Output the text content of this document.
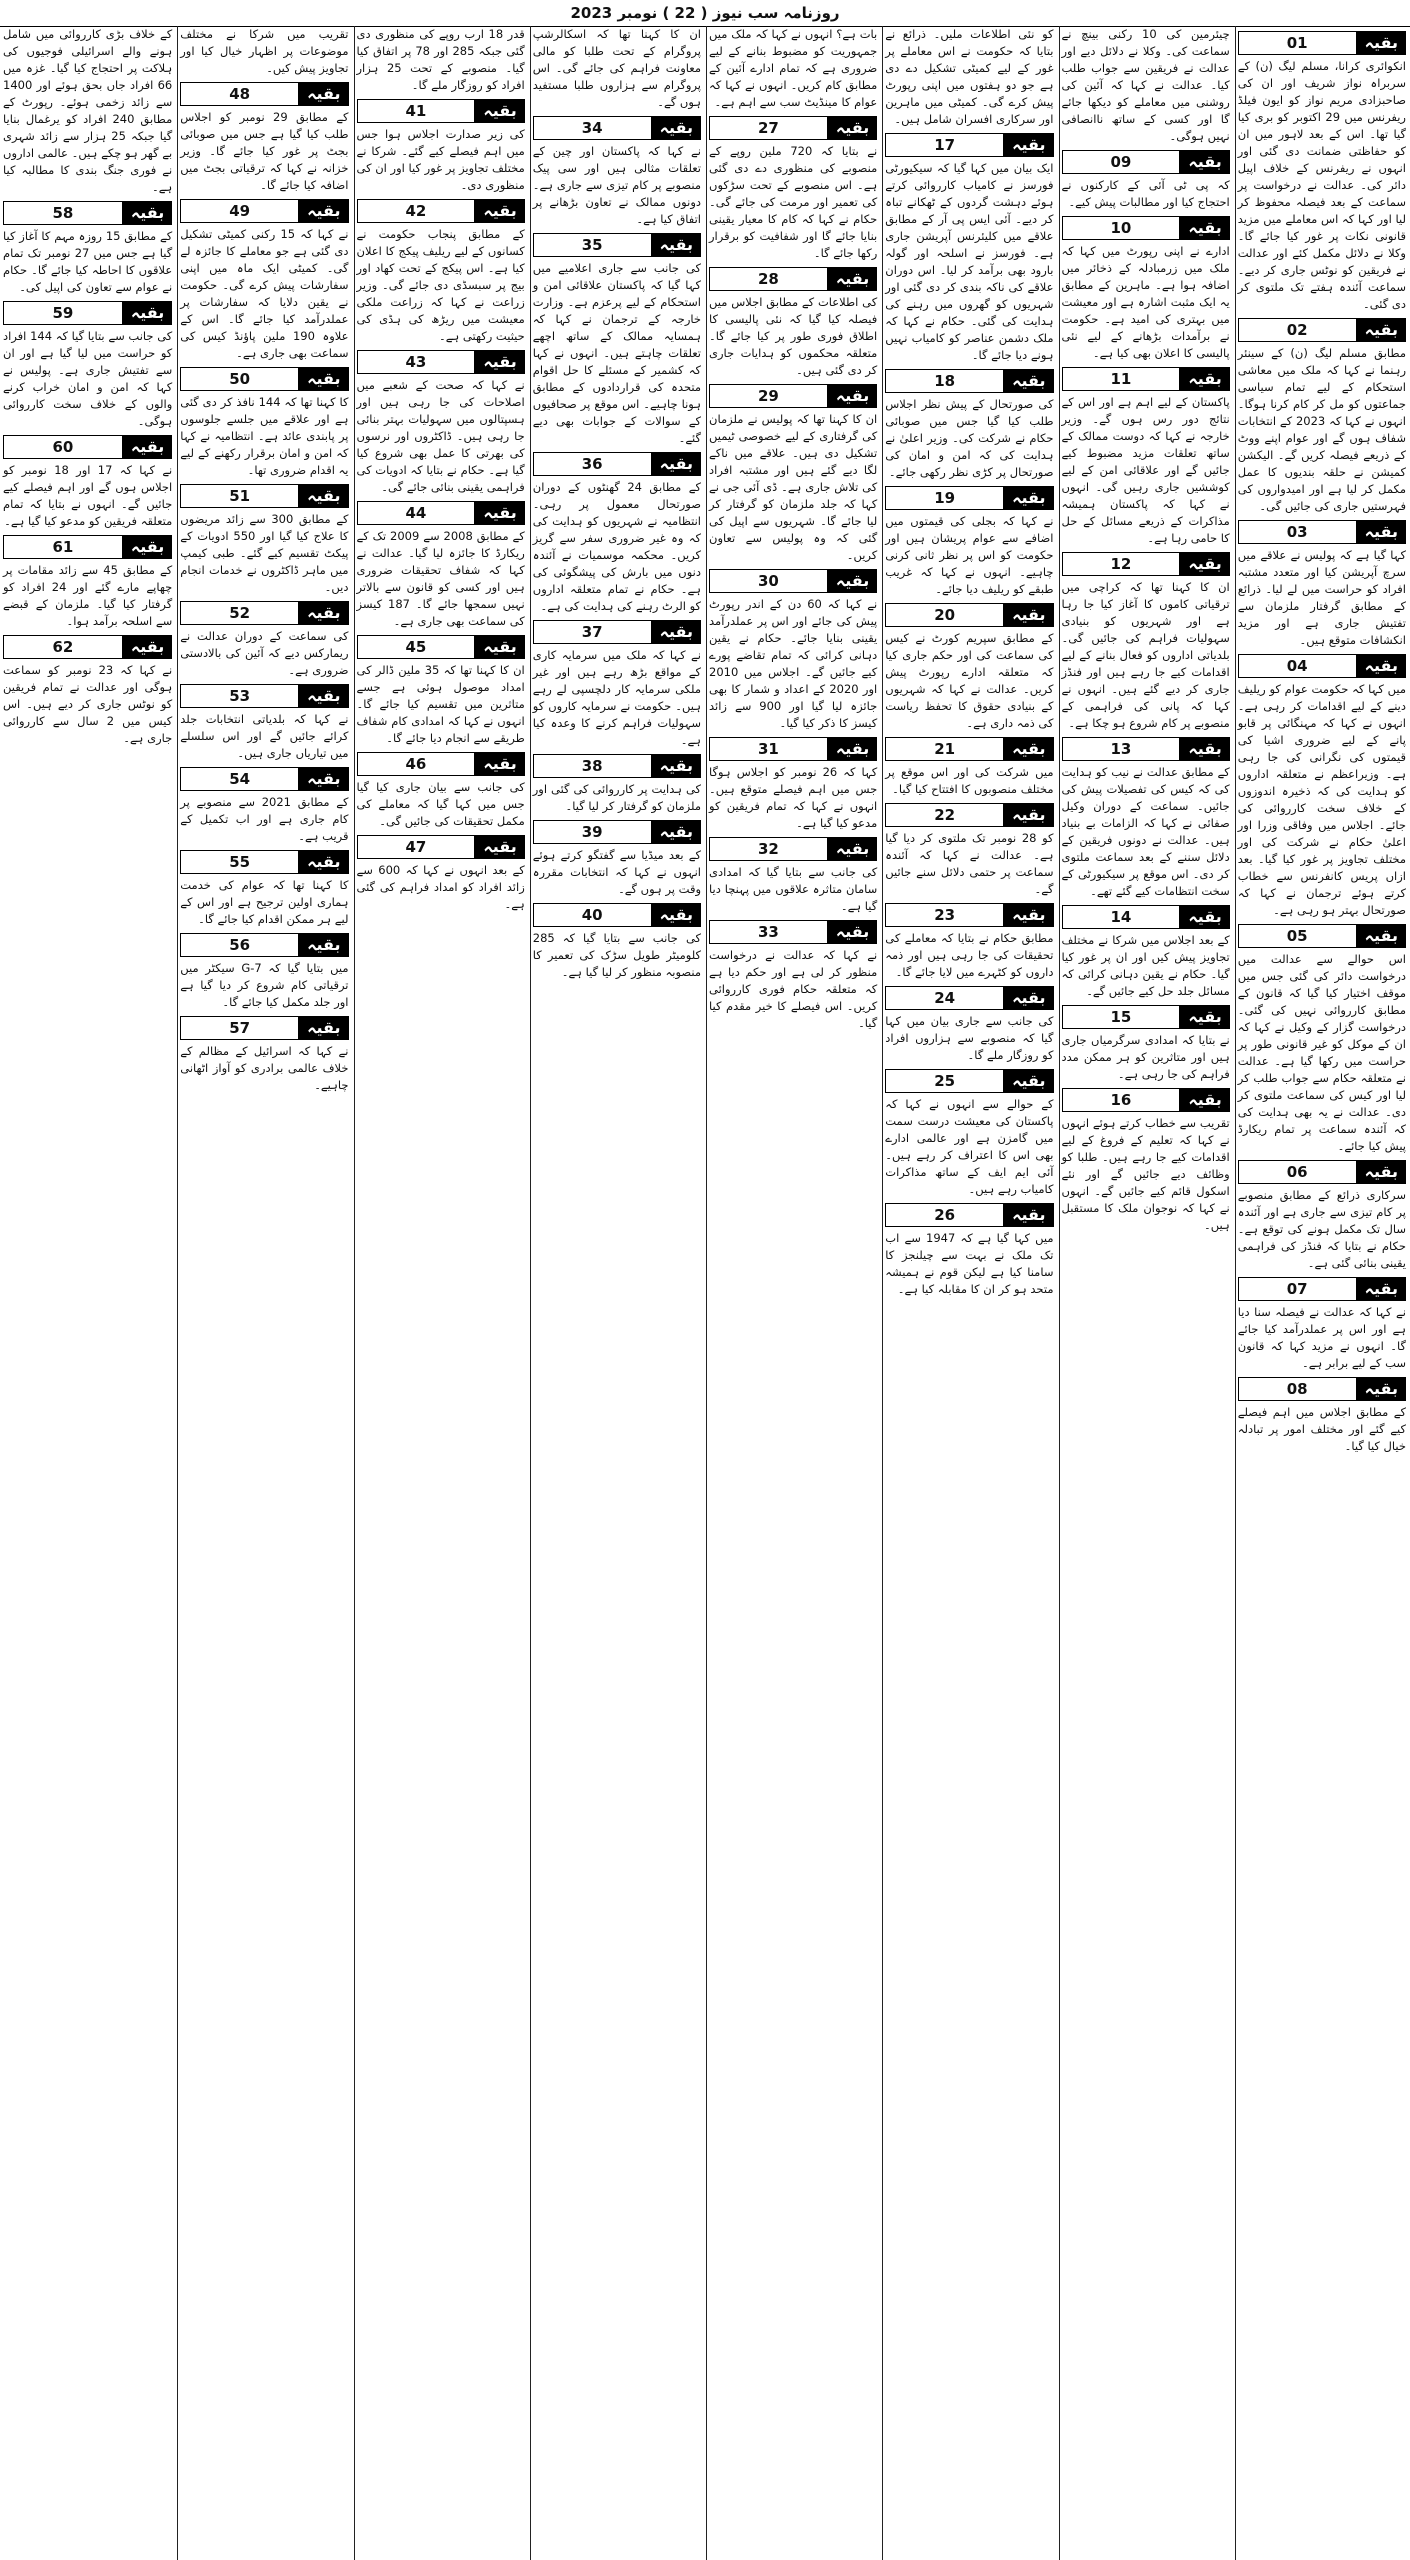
روزنامہ سب نیوز ( 22 ) نومبر 2023
بقیہ
01

انکوائری کرانا، مسلم لیگ (ن) کے سربراہ نواز شریف اور ان کی صاحبزادی مریم نواز کو ایون فیلڈ ریفرنس میں 29 اکتوبر کو بری کیا گیا تھا۔ اس کے بعد لاہور میں ان کو حفاظتی ضمانت دی گئی اور انہوں نے ریفرنس کے خلاف اپیل دائر کی۔ عدالت نے درخواست پر سماعت کے بعد فیصلہ محفوظ کر لیا اور کہا کہ اس معاملے میں مزید قانونی نکات پر غور کیا جائے گا۔ وکلا نے دلائل مکمل کئے اور عدالت نے فریقین کو نوٹس جاری کر دیے۔ سماعت آئندہ ہفتے تک ملتوی کر دی گئی۔

بقیہ
02

مطابق مسلم لیگ (ن) کے سینئر رہنما نے کہا کہ ملک میں معاشی استحکام کے لیے تمام سیاسی جماعتوں کو مل کر کام کرنا ہوگا۔ انہوں نے کہا کہ 2023 کے انتخابات شفاف ہوں گے اور عوام اپنے ووٹ کے ذریعے فیصلہ کریں گے۔ الیکشن کمیشن نے حلقہ بندیوں کا عمل مکمل کر لیا ہے اور امیدواروں کی فہرستیں جاری کی جائیں گی۔

بقیہ
03

کہا گیا ہے کہ پولیس نے علاقے میں سرچ آپریشن کیا اور متعدد مشتبہ افراد کو حراست میں لے لیا۔ ذرائع کے مطابق گرفتار ملزمان سے تفتیش جاری ہے اور مزید انکشافات متوقع ہیں۔

بقیہ
04

میں کہا کہ حکومت عوام کو ریلیف دینے کے لیے اقدامات کر رہی ہے۔ انہوں نے کہا کہ مہنگائی پر قابو پانے کے لیے ضروری اشیا کی قیمتوں کی نگرانی کی جا رہی ہے۔ وزیراعظم نے متعلقہ اداروں کو ہدایت کی کہ ذخیرہ اندوزوں کے خلاف سخت کارروائی کی جائے۔ اجلاس میں وفاقی وزرا اور اعلیٰ حکام نے شرکت کی اور مختلف تجاویز پر غور کیا گیا۔ بعد ازاں پریس کانفرنس سے خطاب کرتے ہوئے ترجمان نے کہا کہ صورتحال بہتر ہو رہی ہے۔

بقیہ
05

اس حوالے سے عدالت میں درخواست دائر کی گئی جس میں موقف اختیار کیا گیا کہ قانون کے مطابق کارروائی نہیں کی گئی۔ درخواست گزار کے وکیل نے کہا کہ ان کے موکل کو غیر قانونی طور پر حراست میں رکھا گیا ہے۔ عدالت نے متعلقہ حکام سے جواب طلب کر لیا اور کیس کی سماعت ملتوی کر دی۔ عدالت نے یہ بھی ہدایت کی کہ آئندہ سماعت پر تمام ریکارڈ پیش کیا جائے۔

بقیہ
06

سرکاری ذرائع کے مطابق منصوبے پر کام تیزی سے جاری ہے اور آئندہ سال تک مکمل ہونے کی توقع ہے۔ حکام نے بتایا کہ فنڈز کی فراہمی یقینی بنائی گئی ہے۔

بقیہ
07

نے کہا کہ عدالت نے فیصلہ سنا دیا ہے اور اس پر عملدرآمد کیا جائے گا۔ انہوں نے مزید کہا کہ قانون سب کے لیے برابر ہے۔

بقیہ
08

کے مطابق اجلاس میں اہم فیصلے کیے گئے اور مختلف امور پر تبادلہ خیال کیا گیا۔

چیئرمین کی 10 رکنی بینچ نے سماعت کی۔ وکلا نے دلائل دیے اور عدالت نے فریقین سے جواب طلب کیا۔ عدالت نے کہا کہ آئین کی روشنی میں معاملے کو دیکھا جائے گا اور کسی کے ساتھ ناانصافی نہیں ہوگی۔

بقیہ
09

کہ پی ٹی آئی کے کارکنوں نے احتجاج کیا اور مطالبات پیش کیے۔

بقیہ
10

ادارے نے اپنی رپورٹ میں کہا کہ ملک میں زرمبادلہ کے ذخائر میں اضافہ ہوا ہے۔ ماہرین کے مطابق یہ ایک مثبت اشارہ ہے اور معیشت میں بہتری کی امید ہے۔ حکومت نے برآمدات بڑھانے کے لیے نئی پالیسی کا اعلان بھی کیا ہے۔

بقیہ
11

پاکستان کے لیے اہم ہے اور اس کے نتائج دور رس ہوں گے۔ وزیر خارجہ نے کہا کہ دوست ممالک کے ساتھ تعلقات مزید مضبوط کیے جائیں گے اور علاقائی امن کے لیے کوششیں جاری رہیں گی۔ انہوں نے کہا کہ پاکستان ہمیشہ مذاکرات کے ذریعے مسائل کے حل کا حامی رہا ہے۔

بقیہ
12

ان کا کہنا تھا کہ کراچی میں ترقیاتی کاموں کا آغاز کیا جا رہا ہے اور شہریوں کو بنیادی سہولیات فراہم کی جائیں گی۔ بلدیاتی اداروں کو فعال بنانے کے لیے اقدامات کیے جا رہے ہیں اور فنڈز جاری کر دیے گئے ہیں۔ انہوں نے کہا کہ پانی کی فراہمی کے منصوبے پر کام شروع ہو چکا ہے۔

بقیہ
13

کے مطابق عدالت نے نیب کو ہدایت کی کہ کیس کی تفصیلات پیش کی جائیں۔ سماعت کے دوران وکیل صفائی نے کہا کہ الزامات بے بنیاد ہیں۔ عدالت نے دونوں فریقین کے دلائل سننے کے بعد سماعت ملتوی کر دی۔ اس موقع پر سیکیورٹی کے سخت انتظامات کیے گئے تھے۔

بقیہ
14

کے بعد اجلاس میں شرکا نے مختلف تجاویز پیش کیں اور ان پر غور کیا گیا۔ حکام نے یقین دہانی کرائی کہ مسائل جلد حل کیے جائیں گے۔

بقیہ
15

نے بتایا کہ امدادی سرگرمیاں جاری ہیں اور متاثرین کو ہر ممکن مدد فراہم کی جا رہی ہے۔

بقیہ
16

تقریب سے خطاب کرتے ہوئے انہوں نے کہا کہ تعلیم کے فروغ کے لیے اقدامات کیے جا رہے ہیں۔ طلبا کو وظائف دیے جائیں گے اور نئے اسکول قائم کیے جائیں گے۔ انہوں نے کہا کہ نوجوان ملک کا مستقبل ہیں۔

کو نئی اطلاعات ملیں۔ ذرائع نے بتایا کہ حکومت نے اس معاملے پر غور کے لیے کمیٹی تشکیل دے دی ہے جو دو ہفتوں میں اپنی رپورٹ پیش کرے گی۔ کمیٹی میں ماہرین اور سرکاری افسران شامل ہیں۔

بقیہ
17

ایک بیان میں کہا گیا کہ سیکیورٹی فورسز نے کامیاب کارروائی کرتے ہوئے دہشت گردوں کے ٹھکانے تباہ کر دیے۔ آئی ایس پی آر کے مطابق علاقے میں کلیئرنس آپریشن جاری ہے۔ فورسز نے اسلحہ اور گولہ بارود بھی برآمد کر لیا۔ اس دوران علاقے کی ناکہ بندی کر دی گئی اور شہریوں کو گھروں میں رہنے کی ہدایت کی گئی۔ حکام نے کہا کہ ملک دشمن عناصر کو کامیاب نہیں ہونے دیا جائے گا۔

بقیہ
18

کی صورتحال کے پیش نظر اجلاس طلب کیا گیا جس میں صوبائی حکام نے شرکت کی۔ وزیر اعلیٰ نے ہدایت کی کہ امن و امان کی صورتحال پر کڑی نظر رکھی جائے۔

بقیہ
19

نے کہا کہ بجلی کی قیمتوں میں اضافے سے عوام پریشان ہیں اور حکومت کو اس پر نظر ثانی کرنی چاہیے۔ انہوں نے کہا کہ غریب طبقے کو ریلیف دیا جائے۔

بقیہ
20

کے مطابق سپریم کورٹ نے کیس کی سماعت کی اور حکم جاری کیا کہ متعلقہ ادارے رپورٹ پیش کریں۔ عدالت نے کہا کہ شہریوں کے بنیادی حقوق کا تحفظ ریاست کی ذمہ داری ہے۔

بقیہ
21

میں شرکت کی اور اس موقع پر مختلف منصوبوں کا افتتاح کیا گیا۔

بقیہ
22

کو 28 نومبر تک ملتوی کر دیا گیا ہے۔ عدالت نے کہا کہ آئندہ سماعت پر حتمی دلائل سنے جائیں گے۔

بقیہ
23

مطابق حکام نے بتایا کہ معاملے کی تحقیقات کی جا رہی ہیں اور ذمہ داروں کو کٹہرے میں لایا جائے گا۔

بقیہ
24

کی جانب سے جاری بیان میں کہا گیا کہ منصوبے سے ہزاروں افراد کو روزگار ملے گا۔

بقیہ
25

کے حوالے سے انہوں نے کہا کہ پاکستان کی معیشت درست سمت میں گامزن ہے اور عالمی ادارے بھی اس کا اعتراف کر رہے ہیں۔ آئی ایم ایف کے ساتھ مذاکرات کامیاب رہے ہیں۔

بقیہ
26

میں کہا گیا ہے کہ 1947 سے اب تک ملک نے بہت سے چیلنجز کا سامنا کیا ہے لیکن قوم نے ہمیشہ متحد ہو کر ان کا مقابلہ کیا ہے۔

بات ہے؟ انہوں نے کہا کہ ملک میں جمہوریت کو مضبوط بنانے کے لیے ضروری ہے کہ تمام ادارے آئین کے مطابق کام کریں۔ انہوں نے کہا کہ عوام کا مینڈیٹ سب سے اہم ہے۔

بقیہ
27

نے بتایا کہ 720 ملین روپے کے منصوبے کی منظوری دے دی گئی ہے۔ اس منصوبے کے تحت سڑکوں کی تعمیر اور مرمت کی جائے گی۔ حکام نے کہا کہ کام کا معیار یقینی بنایا جائے گا اور شفافیت کو برقرار رکھا جائے گا۔

بقیہ
28

کی اطلاعات کے مطابق اجلاس میں فیصلہ کیا گیا کہ نئی پالیسی کا اطلاق فوری طور پر کیا جائے گا۔ متعلقہ محکموں کو ہدایات جاری کر دی گئی ہیں۔

بقیہ
29

ان کا کہنا تھا کہ پولیس نے ملزمان کی گرفتاری کے لیے خصوصی ٹیمیں تشکیل دی ہیں۔ علاقے میں ناکے لگا دیے گئے ہیں اور مشتبہ افراد کی تلاش جاری ہے۔ ڈی آئی جی نے کہا کہ جلد ملزمان کو گرفتار کر لیا جائے گا۔ شہریوں سے اپیل کی گئی کہ وہ پولیس سے تعاون کریں۔

بقیہ
30

نے کہا کہ 60 دن کے اندر رپورٹ پیش کی جائے اور اس پر عملدرآمد یقینی بنایا جائے۔ حکام نے یقین دہانی کرائی کہ تمام تقاضے پورے کیے جائیں گے۔ اجلاس میں 2010 اور 2020 کے اعداد و شمار کا بھی جائزہ لیا گیا اور 900 سے زائد کیسز کا ذکر کیا گیا۔

بقیہ
31

کہا کہ 26 نومبر کو اجلاس ہوگا جس میں اہم فیصلے متوقع ہیں۔ انہوں نے کہا کہ تمام فریقین کو مدعو کیا گیا ہے۔

بقیہ
32

کی جانب سے بتایا گیا کہ امدادی سامان متاثرہ علاقوں میں پہنچا دیا گیا ہے۔

بقیہ
33

نے کہا کہ عدالت نے درخواست منظور کر لی ہے اور حکم دیا ہے کہ متعلقہ حکام فوری کارروائی کریں۔ اس فیصلے کا خیر مقدم کیا گیا۔

ان کا کہنا تھا کہ اسکالرشپ پروگرام کے تحت طلبا کو مالی معاونت فراہم کی جائے گی۔ اس پروگرام سے ہزاروں طلبا مستفید ہوں گے۔

بقیہ
34

نے کہا کہ پاکستان اور چین کے تعلقات مثالی ہیں اور سی پیک منصوبے پر کام تیزی سے جاری ہے۔ دونوں ممالک نے تعاون بڑھانے پر اتفاق کیا ہے۔

بقیہ
35

کی جانب سے جاری اعلامیے میں کہا گیا کہ پاکستان علاقائی امن و استحکام کے لیے پرعزم ہے۔ وزارت خارجہ کے ترجمان نے کہا کہ ہمسایہ ممالک کے ساتھ اچھے تعلقات چاہتے ہیں۔ انہوں نے کہا کہ کشمیر کے مسئلے کا حل اقوام متحدہ کی قراردادوں کے مطابق ہونا چاہیے۔ اس موقع پر صحافیوں کے سوالات کے جوابات بھی دیے گئے۔

بقیہ
36

کے مطابق 24 گھنٹوں کے دوران صورتحال معمول پر رہی۔ انتظامیہ نے شہریوں کو ہدایت کی کہ وہ غیر ضروری سفر سے گریز کریں۔ محکمہ موسمیات نے آئندہ دنوں میں بارش کی پیشگوئی کی ہے۔ حکام نے تمام متعلقہ اداروں کو الرٹ رہنے کی ہدایت کی ہے۔

بقیہ
37

نے کہا کہ ملک میں سرمایہ کاری کے مواقع بڑھ رہے ہیں اور غیر ملکی سرمایہ کار دلچسپی لے رہے ہیں۔ حکومت نے سرمایہ کاروں کو سہولیات فراہم کرنے کا وعدہ کیا ہے۔

بقیہ
38

کی ہدایت پر کارروائی کی گئی اور ملزمان کو گرفتار کر لیا گیا۔

بقیہ
39

کے بعد میڈیا سے گفتگو کرتے ہوئے انہوں نے کہا کہ انتخابات مقررہ وقت پر ہوں گے۔

بقیہ
40

کی جانب سے بتایا گیا کہ 285 کلومیٹر طویل سڑک کی تعمیر کا منصوبہ منظور کر لیا گیا ہے۔

قدر 18 ارب روپے کی منظوری دی گئی جبکہ 285 اور 78 پر اتفاق کیا گیا۔ منصوبے کے تحت 25 ہزار افراد کو روزگار ملے گا۔

بقیہ
41

کی زیر صدارت اجلاس ہوا جس میں اہم فیصلے کیے گئے۔ شرکا نے مختلف تجاویز پر غور کیا اور ان کی منظوری دی۔

بقیہ
42

کے مطابق پنجاب حکومت نے کسانوں کے لیے ریلیف پیکج کا اعلان کیا ہے۔ اس پیکج کے تحت کھاد اور بیج پر سبسڈی دی جائے گی۔ وزیر زراعت نے کہا کہ زراعت ملکی معیشت میں ریڑھ کی ہڈی کی حیثیت رکھتی ہے۔

بقیہ
43

نے کہا کہ صحت کے شعبے میں اصلاحات کی جا رہی ہیں اور ہسپتالوں میں سہولیات بہتر بنائی جا رہی ہیں۔ ڈاکٹروں اور نرسوں کی بھرتی کا عمل بھی شروع کیا گیا ہے۔ حکام نے بتایا کہ ادویات کی فراہمی یقینی بنائی جائے گی۔

بقیہ
44

کے مطابق 2008 سے 2009 تک کے ریکارڈ کا جائزہ لیا گیا۔ عدالت نے کہا کہ شفاف تحقیقات ضروری ہیں اور کسی کو قانون سے بالاتر نہیں سمجھا جائے گا۔ 187 کیسز کی سماعت بھی جاری ہے۔

بقیہ
45

ان کا کہنا تھا کہ 35 ملین ڈالر کی امداد موصول ہوئی ہے جسے متاثرین میں تقسیم کیا جائے گا۔ انہوں نے کہا کہ امدادی کام شفاف طریقے سے انجام دیا جائے گا۔

بقیہ
46

کی جانب سے بیان جاری کیا گیا جس میں کہا گیا کہ معاملے کی مکمل تحقیقات کی جائیں گی۔

بقیہ
47

کے بعد انہوں نے کہا کہ 600 سے زائد افراد کو امداد فراہم کی گئی ہے۔

تقریب میں شرکا نے مختلف موضوعات پر اظہار خیال کیا اور تجاویز پیش کیں۔

بقیہ
48

کے مطابق 29 نومبر کو اجلاس طلب کیا گیا ہے جس میں صوبائی بجٹ پر غور کیا جائے گا۔ وزیر خزانہ نے کہا کہ ترقیاتی بجٹ میں اضافہ کیا جائے گا۔

بقیہ
49

نے کہا کہ 15 رکنی کمیٹی تشکیل دی گئی ہے جو معاملے کا جائزہ لے گی۔ کمیٹی ایک ماہ میں اپنی سفارشات پیش کرے گی۔ حکومت نے یقین دلایا کہ سفارشات پر عملدرآمد کیا جائے گا۔ اس کے علاوہ 190 ملین پاؤنڈ کیس کی سماعت بھی جاری ہے۔

بقیہ
50

کا کہنا تھا کہ 144 نافذ کر دی گئی ہے اور علاقے میں جلسے جلوسوں پر پابندی عائد ہے۔ انتظامیہ نے کہا کہ امن و امان برقرار رکھنے کے لیے یہ اقدام ضروری تھا۔

بقیہ
51

کے مطابق 300 سے زائد مریضوں کا علاج کیا گیا اور 550 ادویات کے پیکٹ تقسیم کیے گئے۔ طبی کیمپ میں ماہر ڈاکٹروں نے خدمات انجام دیں۔

بقیہ
52

کی سماعت کے دوران عدالت نے ریمارکس دیے کہ آئین کی بالادستی ضروری ہے۔

بقیہ
53

نے کہا کہ بلدیاتی انتخابات جلد کرائے جائیں گے اور اس سلسلے میں تیاریاں جاری ہیں۔

بقیہ
54

کے مطابق 2021 سے منصوبے پر کام جاری ہے اور اب تکمیل کے قریب ہے۔

بقیہ
55

کا کہنا تھا کہ عوام کی خدمت ہماری اولین ترجیح ہے اور اس کے لیے ہر ممکن اقدام کیا جائے گا۔

بقیہ
56

میں بتایا گیا کہ G-7 سیکٹر میں ترقیاتی کام شروع کر دیا گیا ہے اور جلد مکمل کیا جائے گا۔

بقیہ
57

نے کہا کہ اسرائیل کے مظالم کے خلاف عالمی برادری کو آواز اٹھانی چاہیے۔

کے خلاف بڑی کارروائی میں شامل ہونے والے اسرائیلی فوجیوں کی ہلاکت پر احتجاج کیا گیا۔ غزہ میں 66 افراد جاں بحق ہوئے اور 1400 سے زائد زخمی ہوئے۔ رپورٹ کے مطابق 240 افراد کو یرغمال بنایا گیا جبکہ 25 ہزار سے زائد شہری بے گھر ہو چکے ہیں۔ عالمی اداروں نے فوری جنگ بندی کا مطالبہ کیا ہے۔

بقیہ
58

کے مطابق 15 روزہ مہم کا آغاز کیا گیا ہے جس میں 27 نومبر تک تمام علاقوں کا احاطہ کیا جائے گا۔ حکام نے عوام سے تعاون کی اپیل کی۔

بقیہ
59

کی جانب سے بتایا گیا کہ 144 افراد کو حراست میں لیا گیا ہے اور ان سے تفتیش جاری ہے۔ پولیس نے کہا کہ امن و امان خراب کرنے والوں کے خلاف سخت کارروائی ہوگی۔

بقیہ
60

نے کہا کہ 17 اور 18 نومبر کو اجلاس ہوں گے اور اہم فیصلے کیے جائیں گے۔ انہوں نے بتایا کہ تمام متعلقہ فریقین کو مدعو کیا گیا ہے۔

بقیہ
61

کے مطابق 45 سے زائد مقامات پر چھاپے مارے گئے اور 24 افراد کو گرفتار کیا گیا۔ ملزمان کے قبضے سے اسلحہ برآمد ہوا۔

بقیہ
62

نے کہا کہ 23 نومبر کو سماعت ہوگی اور عدالت نے تمام فریقین کو نوٹس جاری کر دیے ہیں۔ اس کیس میں 2 سال سے کارروائی جاری ہے۔
